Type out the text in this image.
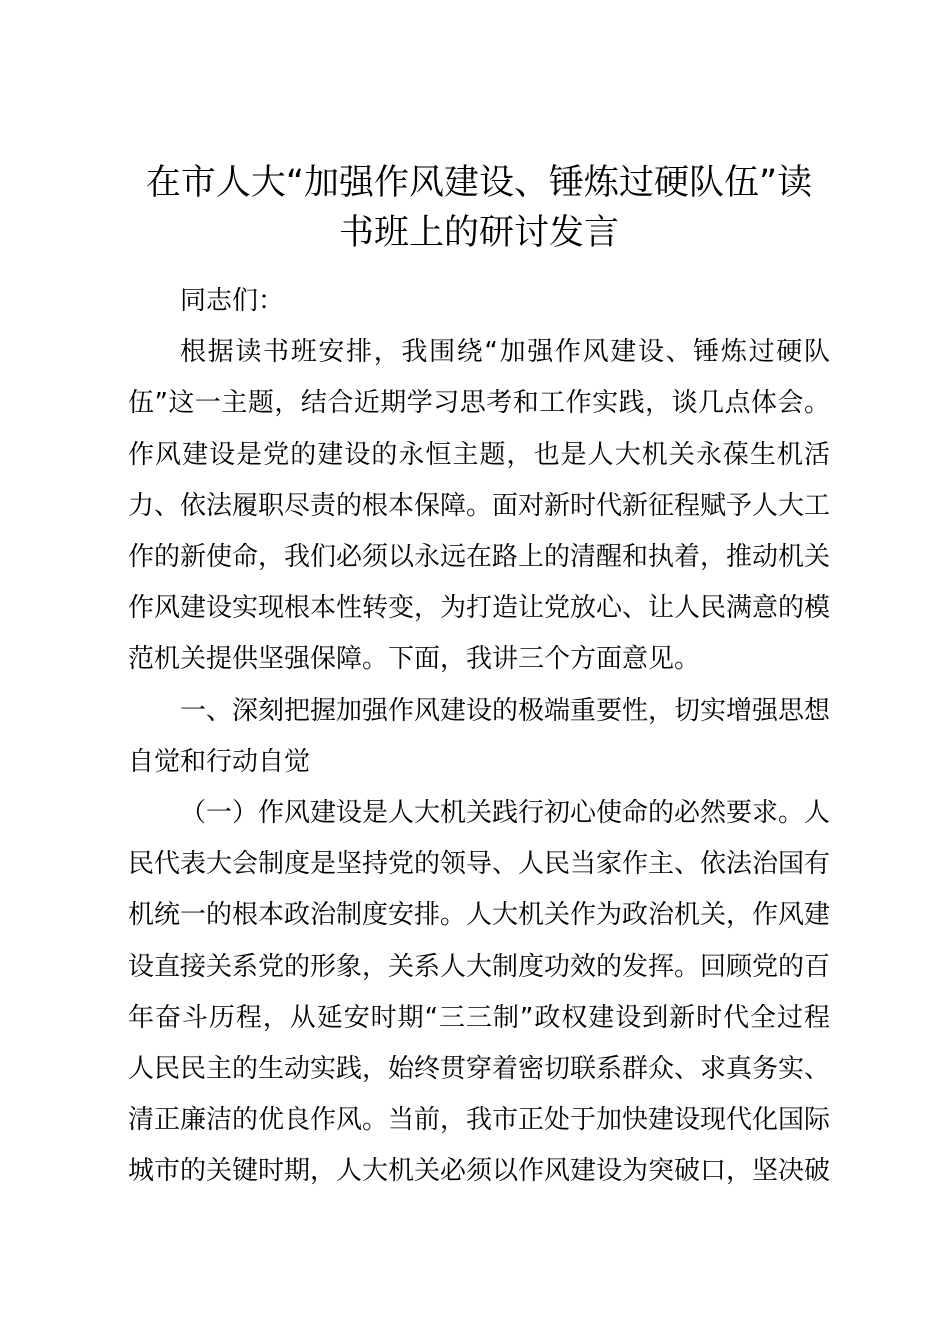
在市人大“加强作风建设、锤炼过硬队伍”读
书班上的研讨发言

同志们：

根据读书班安排，我围绕“加强作风建设、锤炼过硬队伍”这一主题，结合近期学习思考和工作实践，谈几点体会。作风建设是党的建设的永恒主题，也是人大机关永葆生机活力、依法履职尽责的根本保障。面对新时代新征程赋予人大工作的新使命，我们必须以永远在路上的清醒和执着，推动机关作风建设实现根本性转变，为打造让党放心、让人民满意的模范机关提供坚强保障。下面，我讲三个方面意见。

一、深刻把握加强作风建设的极端重要性，切实增强思想自觉和行动自觉

（一）作风建设是人大机关践行初心使命的必然要求。人民代表大会制度是坚持党的领导、人民当家作主、依法治国有机统一的根本政治制度安排。人大机关作为政治机关，作风建设直接关系党的形象，关系人大制度功效的发挥。回顾党的百年奋斗历程，从延安时期“三三制”政权建设到新时代全过程人民民主的生动实践，始终贯穿着密切联系群众、求真务实、清正廉洁的优良作风。当前，我市正处于加快建设现代化国际城市的关键时期，人大机关必须以作风建设为突破口，坚决破
